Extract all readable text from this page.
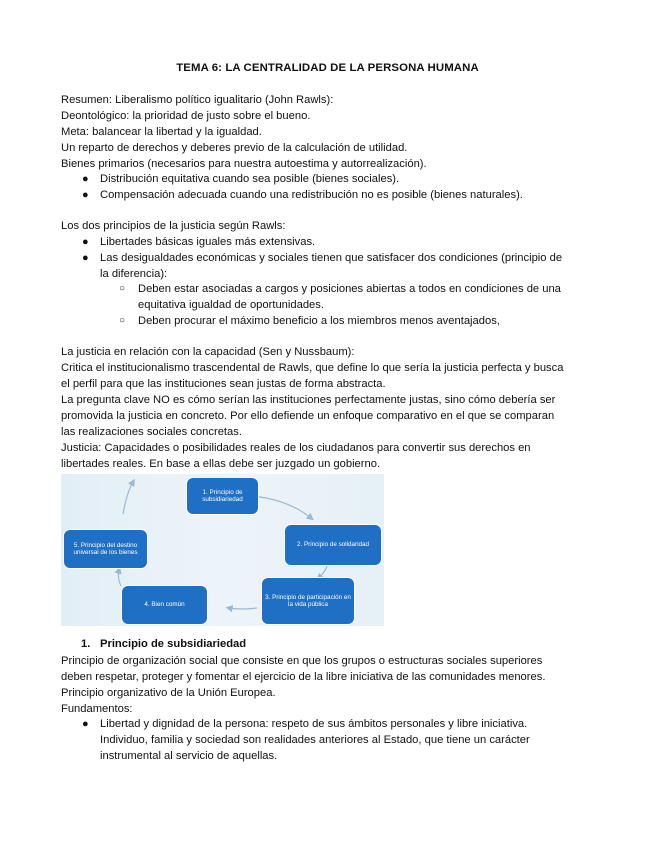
TEMA 6: LA CENTRALIDAD DE LA PERSONA HUMANA
Resumen: Liberalismo político igualitario (John Rawls):
Deontológico: la prioridad de justo sobre el bueno.
Meta: balancear la libertad y la igualdad.
Un reparto de derechos y deberes previo de la calculación de utilidad.
Bienes primarios (necesarios para nuestra autoestima y autorrealización).
● Distribución equitativa cuando sea posible (bienes sociales).
● Compensación adecuada cuando una redistribución no es posible (bienes naturales).
Los dos principios de la justicia según Rawls:
● Libertades básicas iguales más extensivas.
● Las desigualdades económicas y sociales tienen que satisfacer dos condiciones (principio de
la diferencia):
○ Deben estar asociadas a cargos y posiciones abiertas a todos en condiciones de una
equitativa igualdad de oportunidades.
○ Deben procurar el máximo beneficio a los miembros menos aventajados,
La justicia en relación con la capacidad (Sen y Nussbaum):
Critica el institucionalismo trascendental de Rawls, que define lo que sería la justicia perfecta y busca
el perfil para que las instituciones sean justas de forma abstracta.
La pregunta clave NO es cómo serían las instituciones perfectamente justas, sino cómo debería ser
promovida la justicia en concreto. Por ello defiende un enfoque comparativo en el que se comparan
las realizaciones sociales concretas.
Justicia: Capacidades o posibilidades reales de los ciudadanos para convertir sus derechos en
libertades reales. En base a ellas debe ser juzgado un gobierno.
1. Principio de subsidiariedad
2. Principio de solidaridad
3. Principio de participación en la vida pública
4. Bien común
5. Principio del destino universal de los bienes
1. Principio de subsidiariedad
Principio de organización social que consiste en que los grupos o estructuras sociales superiores
deben respetar, proteger y fomentar el ejercicio de la libre iniciativa de las comunidades menores.
Principio organizativo de la Unión Europea.
Fundamentos:
● Libertad y dignidad de la persona: respeto de sus ámbitos personales y libre iniciativa.
Individuo, familia y sociedad son realidades anteriores al Estado, que tiene un carácter
instrumental al servicio de aquellas.
